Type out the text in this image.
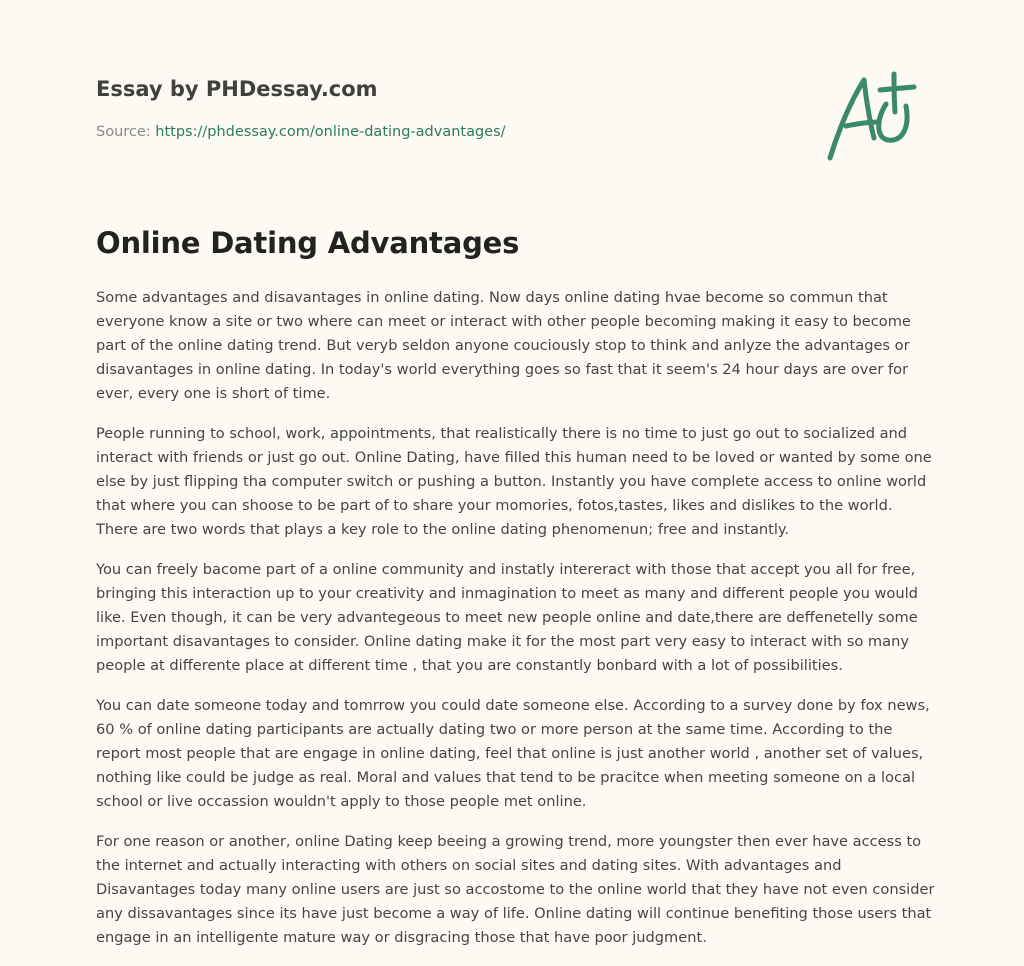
Essay by PHDessay.com

Source: https://phdessay.com/online-dating-advantages/

Online Dating Advantages

Some advantages and disavantages in online dating. Now days online dating hvae become so commun that everyone know a site or two where can meet or interact with other people becoming making it easy to become part of the online dating trend. But veryb seldon anyone couciously stop to think and anlyze the advantages or disavantages in online dating. In today's world everything goes so fast that it seem's 24 hour days are over for ever, every one is short of time.

People running to school, work, appointments, that realistically there is no time to just go out to socialized and interact with friends or just go out. Online Dating, have filled this human need to be loved or wanted by some one else by just flipping tha computer switch or pushing a button. Instantly you have complete access to online world that where you can shoose to be part of to share your momories, fotos,tastes, likes and dislikes to the world. There are two words that plays a key role to the online dating phenomenun; free and instantly.

You can freely bacome part of a online community and instatly intereract with those that accept you all for free, bringing this interaction up to your creativity and inmagination to meet as many and different people you would like. Even though, it can be very advantegeous to meet new people online and date,there are deffenetelly some important disavantages to consider. Online dating make it for the most part very easy to interact with so many people at differente place at different time , that you are constantly bonbard with a lot of possibilities.

You can date someone today and tomrrow you could date someone else. According to a survey done by fox news, 60 % of online dating participants are actually dating two or more person at the same time. According to the report most people that are engage in online dating, feel that online is just another world , another set of values, nothing like could be judge as real. Moral and values that tend to be pracitce when meeting someone on a local school or live occassion wouldn't apply to those people met online.

For one reason or another, online Dating keep beeing a growing trend, more youngster then ever have access to the internet and actually interacting with others on social sites and dating sites. With advantages and Disavantages today many online users are just so accostome to the online world that they have not even consider any dissavantages since its have just become a way of life. Online dating will continue benefiting those users that engage in an intelligente mature way or disgracing those that have poor judgment.
